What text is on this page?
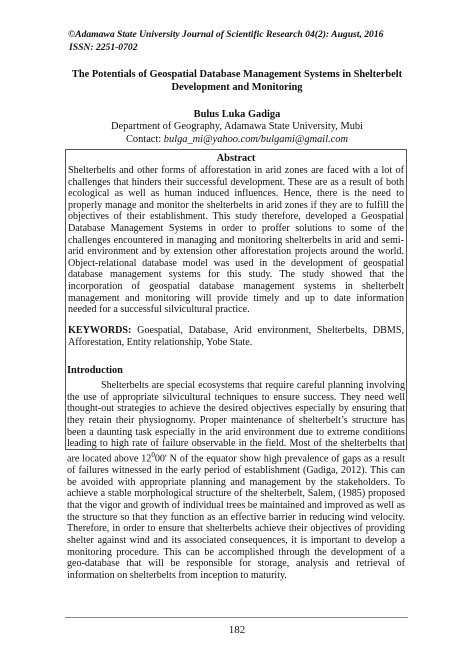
©Adamawa State University Journal of Scientific Research 04(2): August, 2016
ISSN: 2251-0702
The Potentials of Geospatial Database Management Systems in Shelterbelt Development and Monitoring
Bulus Luka Gadiga
Department of Geography, Adamawa State University, Mubi
Contact: bulga_mi@yahoo.com/bulgami@gmail.com
Abstract

Shelterbelts and other forms of afforestation in arid zones are faced with a lot of challenges that hinders their successful development. These are as a result of both ecological as well as human induced influences. Hence, there is the need to properly manage and monitor the shelterbelts in arid zones if they are to fulfill the objectives of their establishment. This study therefore, developed a Geospatial Database Management Systems in order to proffer solutions to some of the challenges encountered in managing and monitoring shelterbelts in arid and semi-arid environment and by extension other afforestation projects around the world. Object-relational database model was used in the development of geospatial database management systems for this study. The study showed that the incorporation of geospatial database management systems in shelterbelt management and monitoring will provide timely and up to date information needed for a successful silvicultural practice.

KEYWORDS: Goespatial, Database, Arid environment, Shelterbelts, DBMS, Afforestation, Entity relationship, Yobe State.
Introduction

Shelterbelts are special ecosystems that require careful planning involving the use of appropriate silvicultural techniques to ensure success. They need well thought-out strategies to achieve the desired objectives especially by ensuring that they retain their physiognomy. Proper maintenance of shelterbelt’s structure has been a daunting task especially in the arid environment due to extreme conditions leading to high rate of failure observable in the field. Most of the shelterbelts that are located above $12^000'$ N of the equator show high prevalence of gaps as a result of failures witnessed in the early period of establishment (Gadiga, 2012). This can be avoided with appropriate planning and management by the stakeholders. To achieve a stable morphological structure of the shelterbelt, Salem, (1985) proposed that the vigor and growth of individual trees be maintained and improved as well as the structure so that they function as an effective barrier in reducing wind velocity. Therefore, in order to ensure that shelterbelts achieve their objectives of providing shelter against wind and its associated consequences, it is important to develop a monitoring procedure. This can be accomplished through the development of a geo-database that will be responsible for storage, analysis and retrieval of information on shelterbelts from inception to maturity.

182
